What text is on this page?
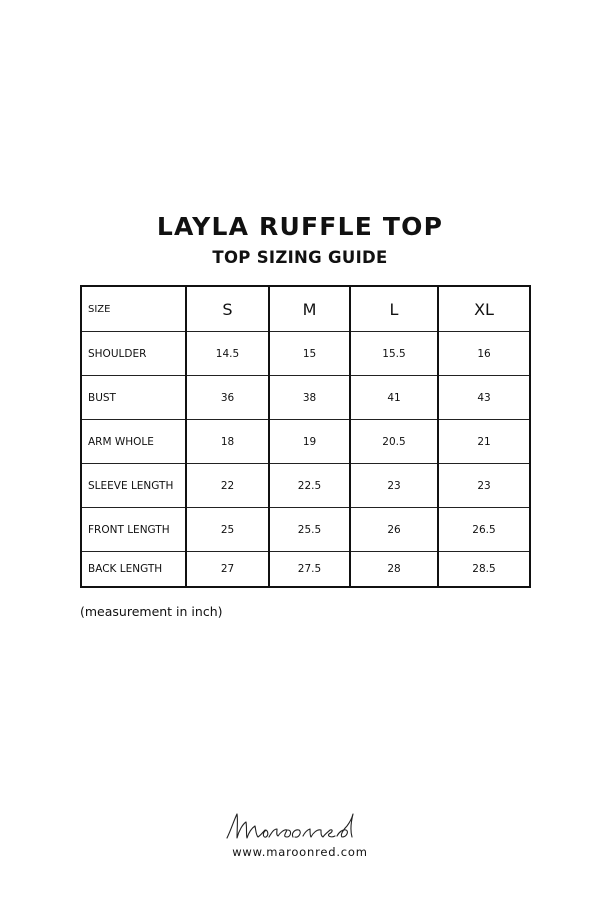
LAYLA RUFFLE TOP
TOP SIZING GUIDE
SIZE	S	M	L	XL
SHOULDER	14.5	15	15.5	16
BUST	36	38	41	43
ARM WHOLE	18	19	20.5	21
SLEEVE LENGTH	22	22.5	23	23
FRONT LENGTH	25	25.5	26	26.5
BACK LENGTH	27	27.5	28	28.5

(measurement in inch)

www.maroonred.com
